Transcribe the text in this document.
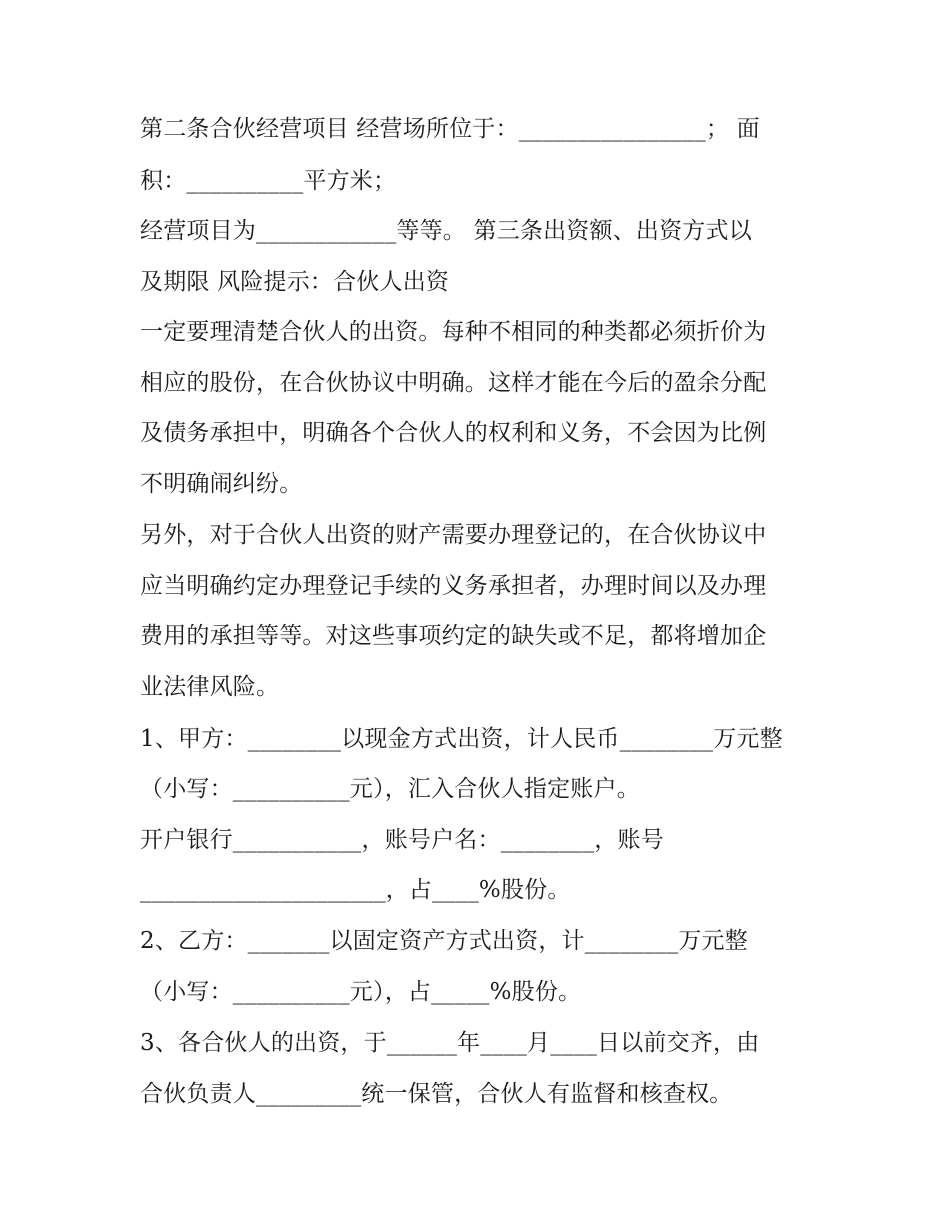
第二条合伙经营项目 经营场所位于：________________； 面
积：__________平方米；
经营项目为____________等等。 第三条出资额、出资方式以
及期限 风险提示：合伙人出资
一定要理清楚合伙人的出资。每种不相同的种类都必须折价为
相应的股份，在合伙协议中明确。这样才能在今后的盈余分配
及债务承担中，明确各个合伙人的权利和义务，不会因为比例
不明确闹纠纷。
另外，对于合伙人出资的财产需要办理登记的，在合伙协议中
应当明确约定办理登记手续的义务承担者，办理时间以及办理
费用的承担等等。对这些事项约定的缺失或不足，都将增加企
业法律风险。
1、甲方：________以现金方式出资，计人民币________万元整
（小写：__________元），汇入合伙人指定账户。
开户银行___________，账号户名：________，账号
_____________________，占____%股份。
2、乙方：_______以固定资产方式出资，计________万元整
（小写：__________元），占_____%股份。
3、各合伙人的出资，于______年____月____日以前交齐，由
合伙负责人_________统一保管，合伙人有监督和核查权。
